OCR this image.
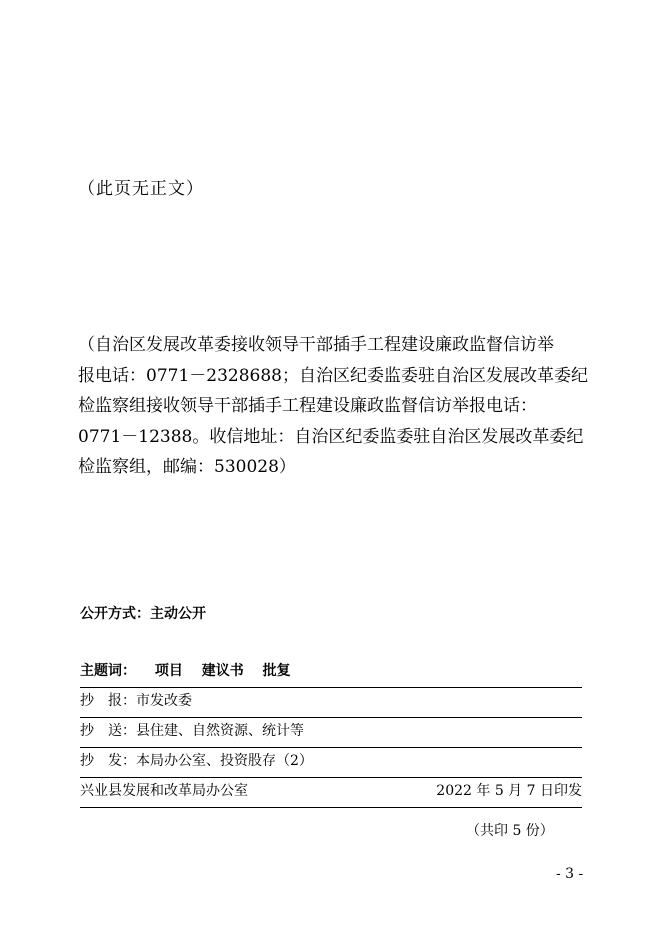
（此页无正文）

（自治区发展改革委接收领导干部插手工程建设廉政监督信访举

报电话：0771－2328688；自治区纪委监委驻自治区发展改革委纪

检监察组接收领导干部插手工程建设廉政监督信访举报电话：

0771－12388。收信地址：自治区纪委监委驻自治区发展改革委纪

检监察组，邮编：530028）

公开方式：主动公开
主题词： 项目 建议书 批复
抄 报：市发改委
抄 送：县住建、自然资源、统计等
抄 发：本局办公室、投资股存（2）
兴业县发展和改革局办公室	2022 年 5 月 7 日印发
（共印 5 份）
- 3 -
